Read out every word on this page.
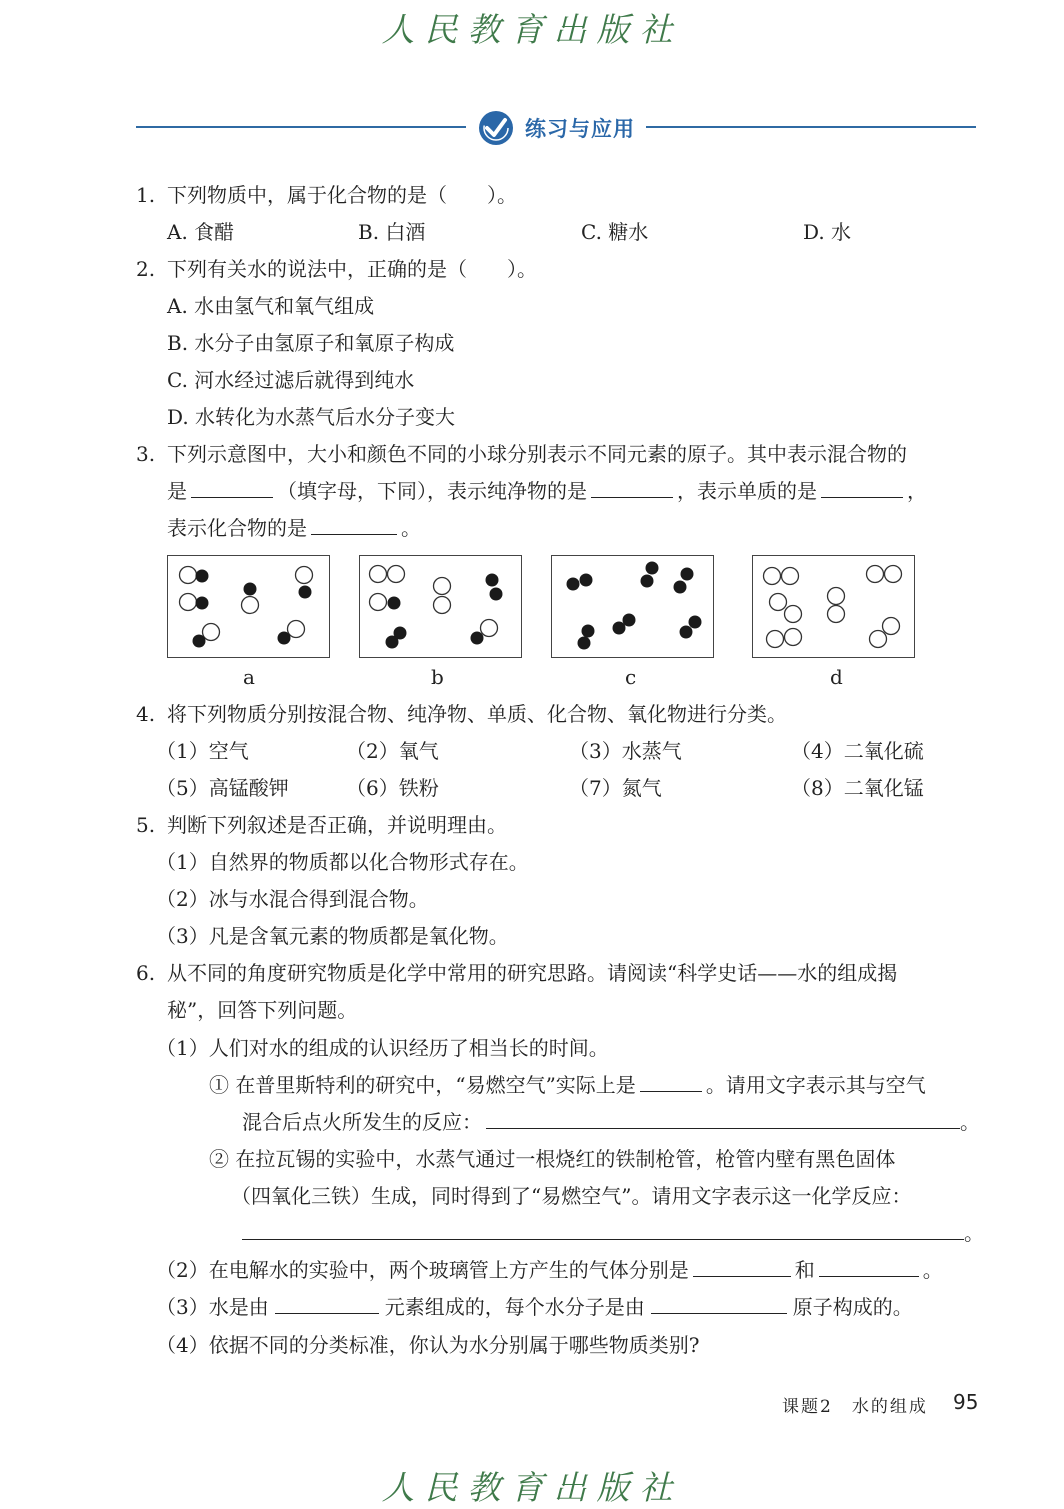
人民教育出版社
练习与应用
1. 下列物质中，属于化合物的是（　　）。
A. 食醋	B. 白酒	C. 糖水	D. 水
2. 下列有关水的说法中，正确的是（　　）。
A. 水由氢气和氧气组成
B. 水分子由氢原子和氧原子构成
C. 河水经过滤后就得到纯水
D. 水转化为水蒸气后水分子变大
3. 下列示意图中，大小和颜色不同的小球分别表示不同元素的原子。其中表示混合物的
是	（填字母，下同），表示纯净物的是	，表示单质的是	，
表示化合物的是	。
a	b	c	d
4. 将下列物质分别按混合物、纯净物、单质、化合物、氧化物进行分类。
（1）空气	（2）氧气	（3）水蒸气	（4）二氧化硫
（5）高锰酸钾	（6）铁粉	（7）氮气	（8）二氧化锰
5. 判断下列叙述是否正确，并说明理由。
（1）自然界的物质都以化合物形式存在。
（2）冰与水混合得到混合物。
（3）凡是含氧元素的物质都是氧化物。
6. 从不同的角度研究物质是化学中常用的研究思路。请阅读“科学史话——水的组成揭
秘”，回答下列问题。
（1）人们对水的组成的认识经历了相当长的时间。
① 在普里斯特利的研究中，“易燃空气”实际上是	。请用文字表示其与空气
混合后点火所发生的反应：	。
② 在拉瓦锡的实验中，水蒸气通过一根烧红的铁制枪管，枪管内壁有黑色固体
（四氧化三铁）生成，同时得到了“易燃空气”。请用文字表示这一化学反应：
。
（2）在电解水的实验中，两个玻璃管上方产生的气体分别是	和	。
（3）水是由	元素组成的，每个水分子是由	原子构成的。
（4）依据不同的分类标准，你认为水分别属于哪些物质类别?
课题2　水的组成 95
人民教育出版社
